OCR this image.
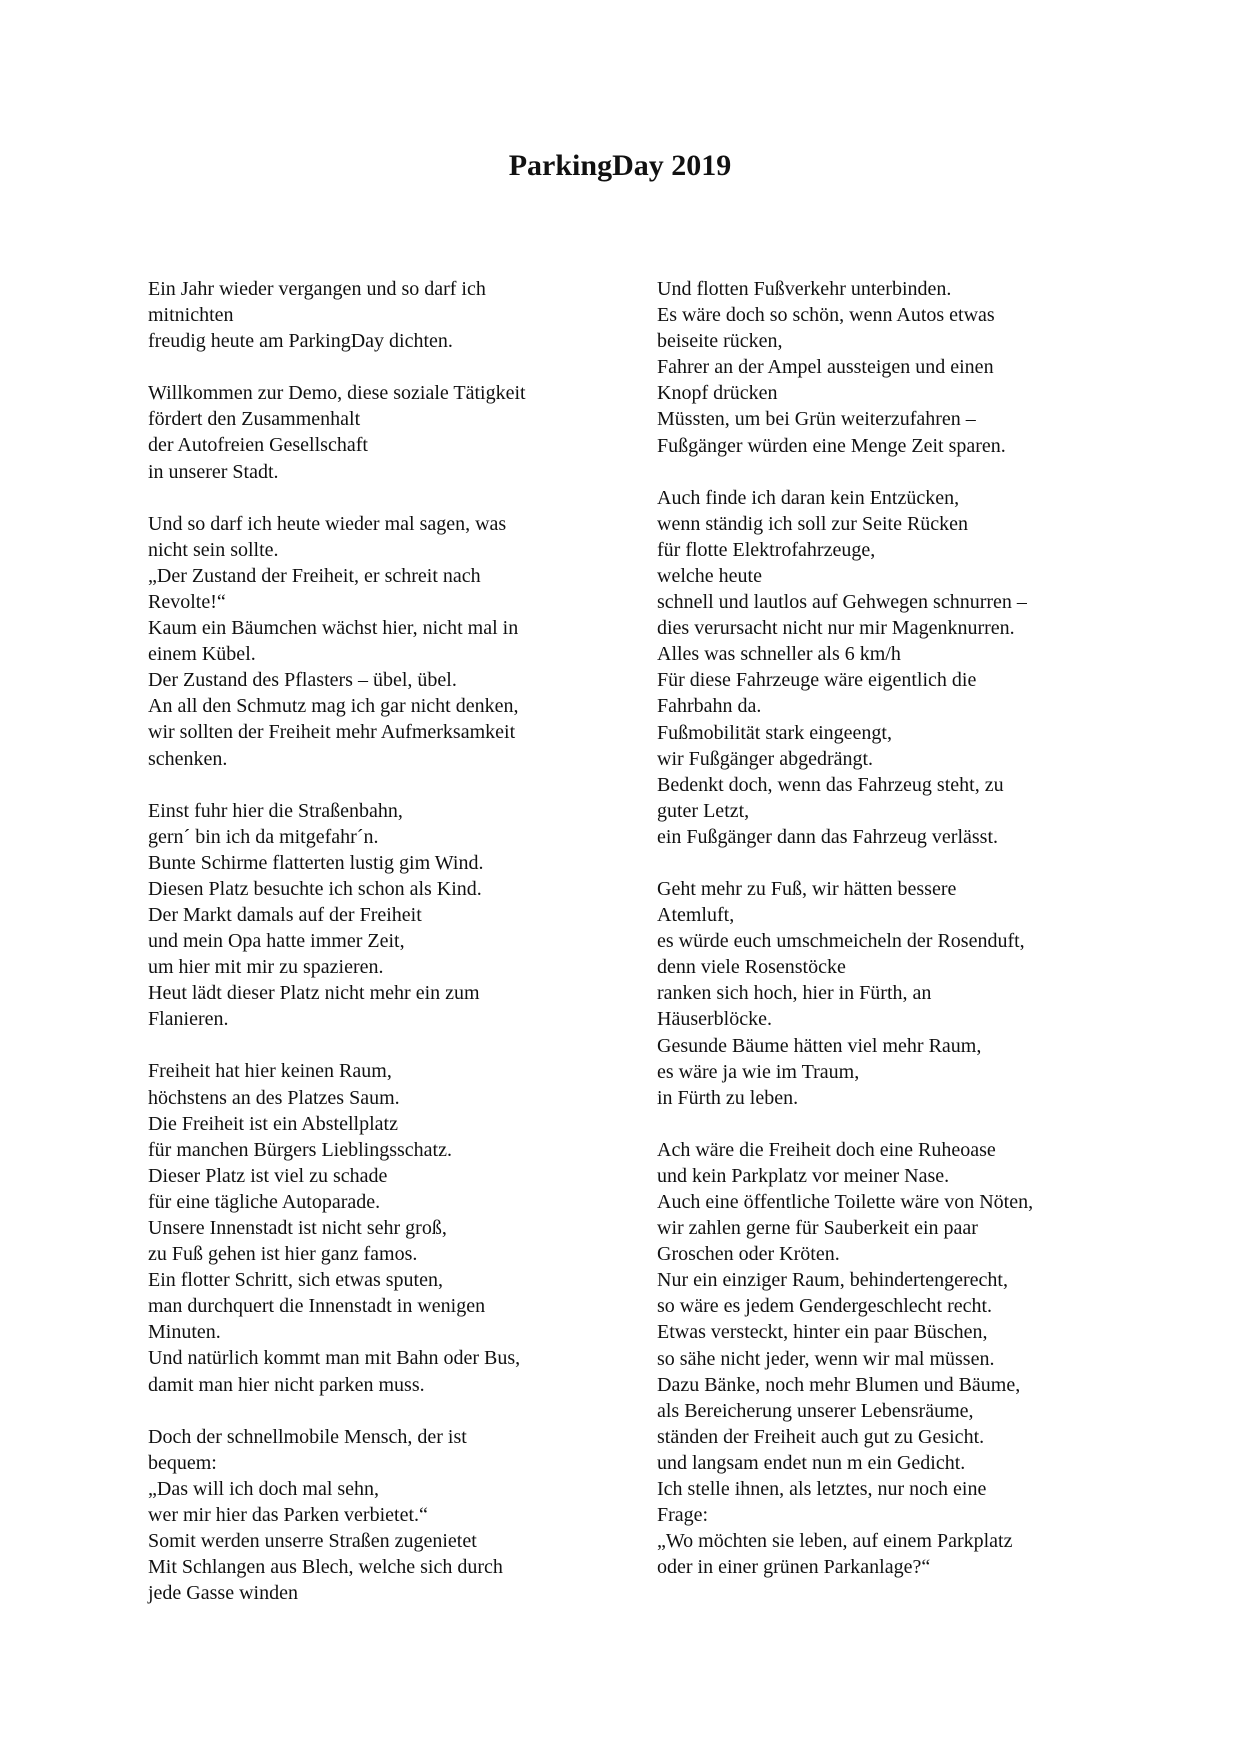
ParkingDay 2019
Ein Jahr wieder vergangen und so darf ich
mitnichten
freudig heute am ParkingDay dichten.
Willkommen zur Demo, diese soziale Tätigkeit
fördert den Zusammenhalt
der Autofreien Gesellschaft
in unserer Stadt.
Und so darf ich heute wieder mal sagen, was
nicht sein sollte.
„Der Zustand der Freiheit, er schreit nach
Revolte!“
Kaum ein Bäumchen wächst hier, nicht mal in
einem Kübel.
Der Zustand des Pflasters – übel, übel.
An all den Schmutz mag ich gar nicht denken,
wir sollten der Freiheit mehr Aufmerksamkeit
schenken.
Einst fuhr hier die Straßenbahn,
gern´ bin ich da mitgefahr´n.
Bunte Schirme flatterten lustig gim Wind.
Diesen Platz besuchte ich schon als Kind.
Der Markt damals auf der Freiheit
und mein Opa hatte immer Zeit,
um hier mit mir zu spazieren.
Heut lädt dieser Platz nicht mehr ein zum
Flanieren.
Freiheit hat hier keinen Raum,
höchstens an des Platzes Saum.
Die Freiheit ist ein Abstellplatz
für manchen Bürgers Lieblingsschatz.
Dieser Platz ist viel zu schade
für eine tägliche Autoparade.
Unsere Innenstadt ist nicht sehr groß,
zu Fuß gehen ist hier ganz famos.
Ein flotter Schritt, sich etwas sputen,
man durchquert die Innenstadt in wenigen
Minuten.
Und natürlich kommt man mit Bahn oder Bus,
damit man hier nicht parken muss.
Doch der schnellmobile Mensch, der ist
bequem:
„Das will ich doch mal sehn,
wer mir hier das Parken verbietet.“
Somit werden unserre Straßen zugenietet
Mit Schlangen aus Blech, welche sich durch
jede Gasse winden
Und flotten Fußverkehr unterbinden.
Es wäre doch so schön, wenn Autos etwas
beiseite rücken,
Fahrer an der Ampel aussteigen und einen
Knopf drücken
Müssten, um bei Grün weiterzufahren –
Fußgänger würden eine Menge Zeit sparen.
Auch finde ich daran kein Entzücken,
wenn ständig ich soll zur Seite Rücken
für flotte Elektrofahrzeuge,
welche heute
schnell und lautlos auf Gehwegen schnurren –
dies verursacht nicht nur mir Magenknurren.
Alles was schneller als 6 km/h
Für diese Fahrzeuge wäre eigentlich die
Fahrbahn da.
Fußmobilität stark eingeengt,
wir Fußgänger abgedrängt.
Bedenkt doch, wenn das Fahrzeug steht, zu
guter Letzt,
ein Fußgänger dann das Fahrzeug verlässt.
Geht mehr zu Fuß, wir hätten bessere
Atemluft,
es würde euch umschmeicheln der Rosenduft,
denn viele Rosenstöcke
ranken sich hoch, hier in Fürth, an
Häuserblöcke.
Gesunde Bäume hätten viel mehr Raum,
es wäre ja wie im Traum,
in Fürth zu leben.
Ach wäre die Freiheit doch eine Ruheoase
und kein Parkplatz vor meiner Nase.
Auch eine öffentliche Toilette wäre von Nöten,
wir zahlen gerne für Sauberkeit ein paar
Groschen oder Kröten.
Nur ein einziger Raum, behindertengerecht,
so wäre es jedem Gendergeschlecht recht.
Etwas versteckt, hinter ein paar Büschen,
so sähe nicht jeder, wenn wir mal müssen.
Dazu Bänke, noch mehr Blumen und Bäume,
als Bereicherung unserer Lebensräume,
ständen der Freiheit auch gut zu Gesicht.
und langsam endet nun m ein Gedicht.
Ich stelle ihnen, als letztes, nur noch eine
Frage:
„Wo möchten sie leben, auf einem Parkplatz
oder in einer grünen Parkanlage?“
